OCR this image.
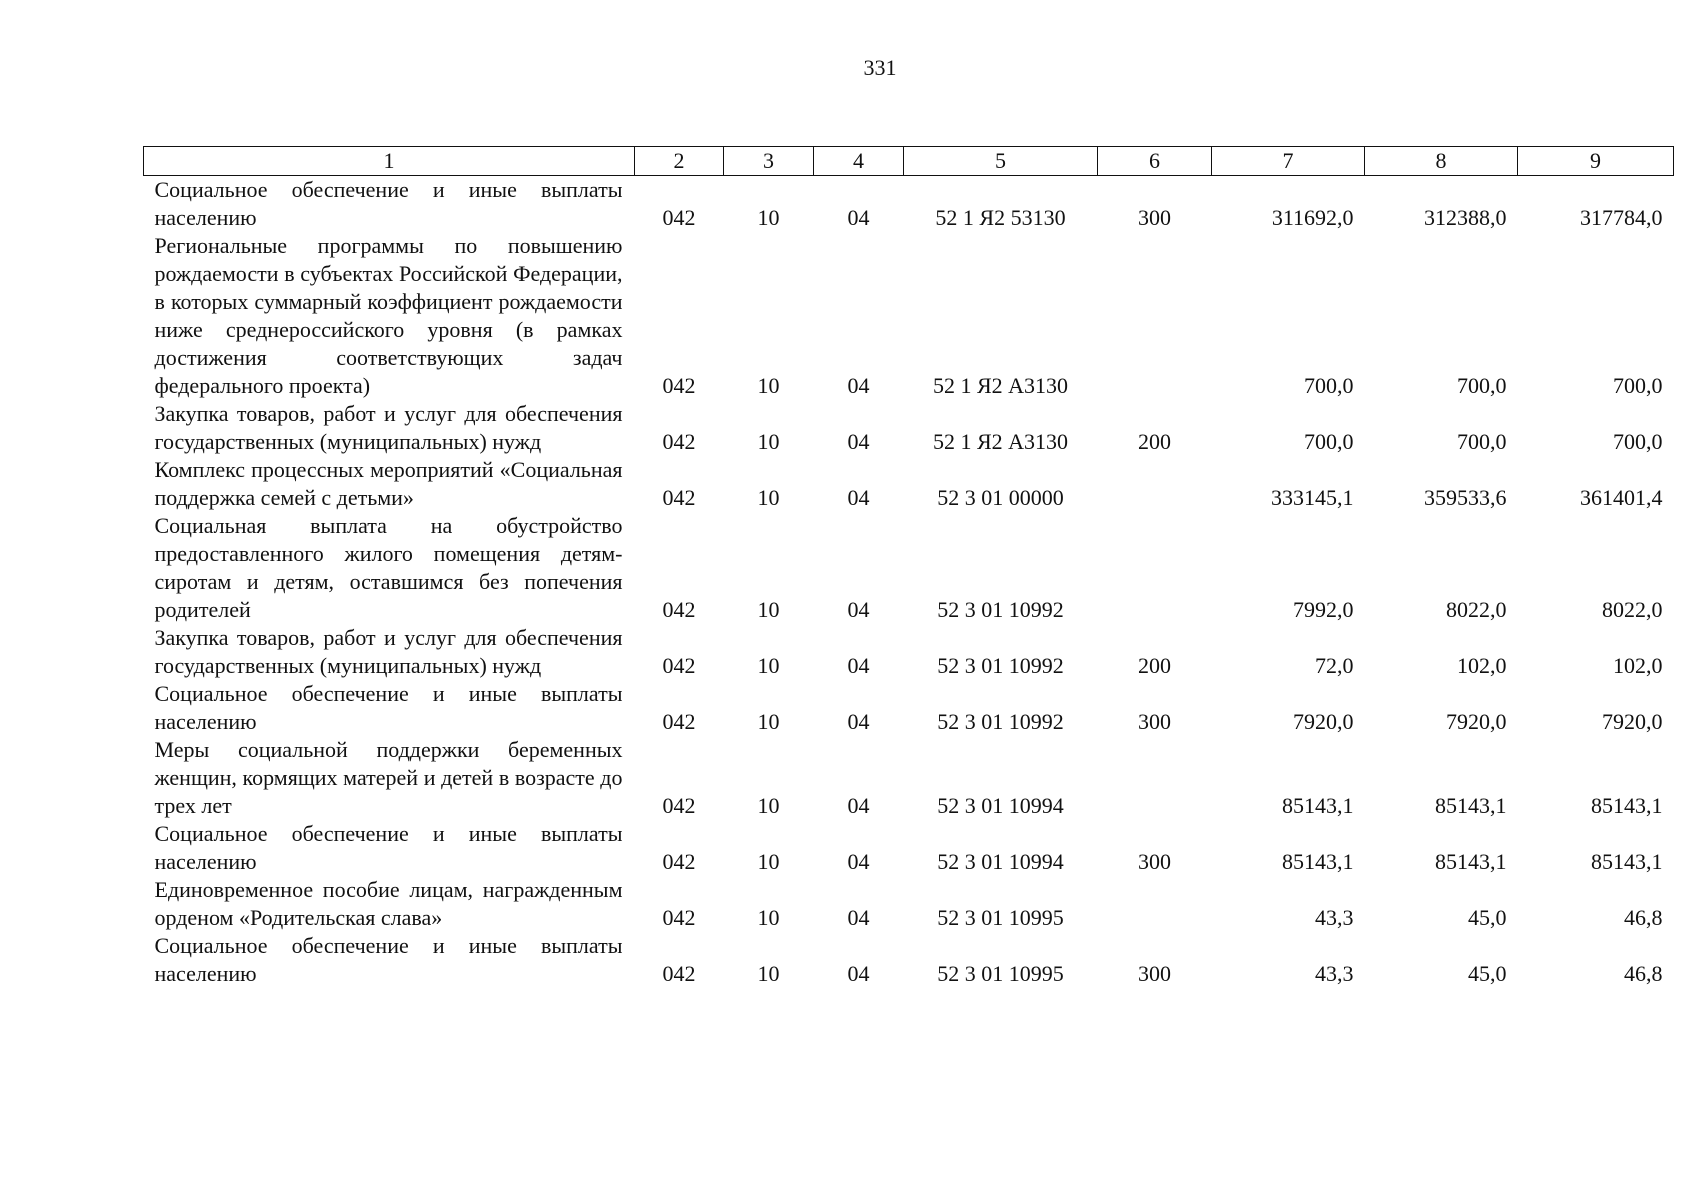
331
1	2	3	4	5	6	7	8	9
Социальное обеспечение и иные выплаты населению	042	10	04	52 1 Я2 53130	300	311692,0	312388,0	317784,0
Региональные программы по повышению рождаемости в субъектах Российской Федерации, в которых суммарный коэффициент рождаемости ниже среднероссийского уровня (в рамках достижения соответствующих задач федерального проекта)	042	10	04	52 1 Я2 А3130		700,0	700,0	700,0
Закупка товаров, работ и услуг для обеспечения государственных (муниципальных) нужд	042	10	04	52 1 Я2 А3130	200	700,0	700,0	700,0
Комплекс процессных мероприятий «Социальная поддержка семей с детьми»	042	10	04	52 3 01 00000		333145,1	359533,6	361401,4
Социальная выплата на обустройство предоставленного жилого помещения детям-сиротам и детям, оставшимся без попечения родителей	042	10	04	52 3 01 10992		7992,0	8022,0	8022,0
Закупка товаров, работ и услуг для обеспечения государственных (муниципальных) нужд	042	10	04	52 3 01 10992	200	72,0	102,0	102,0
Социальное обеспечение и иные выплаты населению	042	10	04	52 3 01 10992	300	7920,0	7920,0	7920,0
Меры социальной поддержки беременных женщин, кормящих матерей и детей в возрасте до трех лет	042	10	04	52 3 01 10994		85143,1	85143,1	85143,1
Социальное обеспечение и иные выплаты населению	042	10	04	52 3 01 10994	300	85143,1	85143,1	85143,1
Единовременное пособие лицам, награжденным орденом «Родительская слава»	042	10	04	52 3 01 10995		43,3	45,0	46,8
Социальное обеспечение и иные выплаты населению	042	10	04	52 3 01 10995	300	43,3	45,0	46,8
